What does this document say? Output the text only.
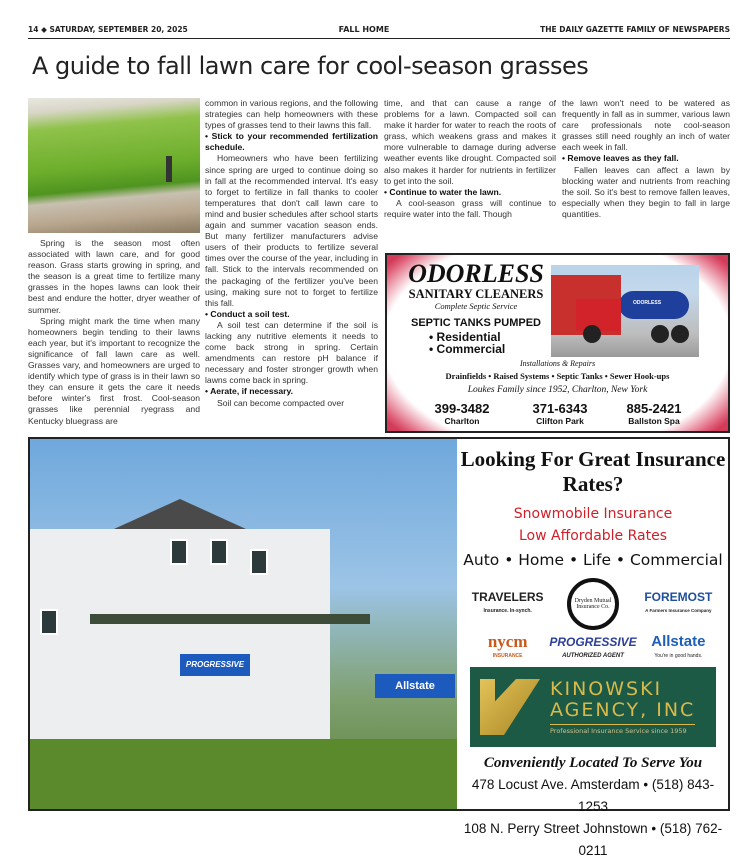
14 ◆ SATURDAY, SEPTEMBER 20, 2025	FALL HOME	THE DAILY GAZETTE FAMILY OF NEWSPAPERS
A guide to fall lawn care for cool-season grasses

Spring is the season most often associated with lawn care, and for good reason. Grass starts growing in spring, and the season is a great time to fertilize many grasses in the hopes lawns can look their best and endure the hotter, dryer weather of summer.

Spring might mark the time when many homeowners begin tending to their lawns each year, but it's important to recognize the significance of fall lawn care as well. Grasses vary, and homeowners are urged to identify which type of grass is in their lawn so they can ensure it gets the care it needs before winter's first frost. Cool-season grasses like perennial ryegrass and Kentucky bluegrass are

common in various regions, and the following strategies can help homeowners with these types of grasses tend to their lawns this fall.

• Stick to your recommended fertilization schedule.

Homeowners who have been fertilizing since spring are urged to continue doing so in fall at the recommended interval. It's easy to forget to fertilize in fall thanks to cooler temperatures that don't call lawn care to mind and busier schedules after school starts again and summer vacation season ends. But many fertilizer manufacturers advise users of their products to fertilize several times over the course of the year, including in fall. Stick to the intervals recommended on the packaging of the fertilizer you've been using, making sure not to forget to fertilize this fall.

• Conduct a soil test.

A soil test can determine if the soil is lacking any nutritive elements it needs to come back strong in spring. Certain amendments can restore pH balance if necessary and foster stronger growth when lawns come back in spring.

• Aerate, if necessary.

Soil can become compacted over

time, and that can cause a range of problems for a lawn. Compacted soil can make it harder for water to reach the roots of grass, which weakens grass and makes it more vulnerable to damage during adverse weather events like drought. Compacted soil also makes it harder for nutrients in fertilizer to get into the soil.

• Continue to water the lawn.

A cool-season grass will continue to require water into the fall. Though

the lawn won't need to be watered as frequently in fall as in summer, various lawn care professionals note cool-season grasses still need roughly an inch of water each week in fall.

• Remove leaves as they fall.

Fallen leaves can affect a lawn by blocking water and nutrients from reaching the soil. So it's best to remove fallen leaves, especially when they begin to fall in large quantities.

ODORLESS
SANITARY CLEANERS
Complete Septic Service
SEPTIC TANKS PUMPED
• Residential
• Commercial
ODORLESS
Installations & Repairs
Drainfields • Raised Systems • Septic Tanks • Sewer Hook-ups
Loukes Family since 1952, Charlton, New York
399-3482
Charlton
371-6343
Clifton Park
885-2421
Ballston Spa
PROGRESSIVE
Allstate
Looking For Great Insurance Rates?
Snowmobile Insurance
Low Affordable Rates
Auto • Home • Life • Commercial
TRAVELERS
Insurance. In-synch.
Dryden Mutual Insurance Co.
FOREMOST
A Farmers Insurance Company
nycm
INSURANCE
PROGRESSIVE
AUTHORIZED AGENT
Allstate
You're in good hands.
KINOWSKI
AGENCY, INC
Professional Insurance Service since 1959
Conveniently Located To Serve You
478 Locust Ave. Amsterdam • (518) 843-1253
108 N. Perry Street Johnstown • (518) 762-0211
